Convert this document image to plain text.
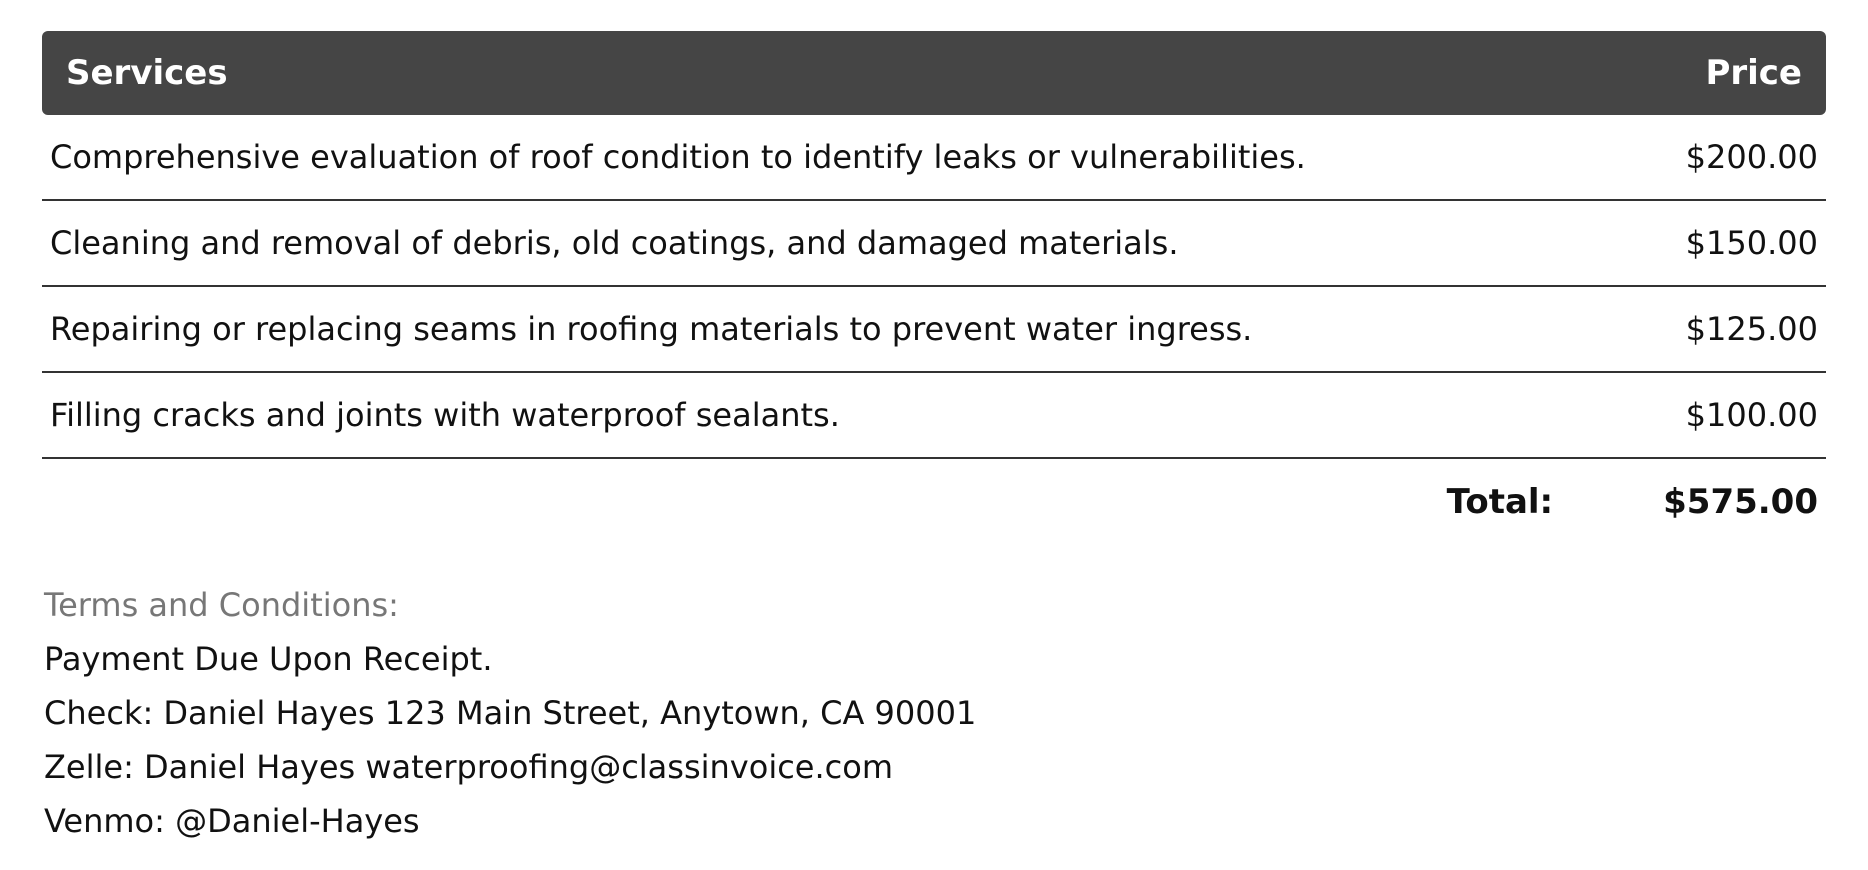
Services	Price
Comprehensive evaluation of roof condition to identify leaks or vulnerabilities.	$200.00
Cleaning and removal of debris, old coatings, and damaged materials.	$150.00
Repairing or replacing seams in roofing materials to prevent water ingress.	$125.00
Filling cracks and joints with waterproof sealants.	$100.00
Total:	$575.00
Terms and Conditions:
Payment Due Upon Receipt.
Check: Daniel Hayes 123 Main Street, Anytown, CA 90001
Zelle: Daniel Hayes waterproofing@classinvoice.com
Venmo: @Daniel-Hayes
